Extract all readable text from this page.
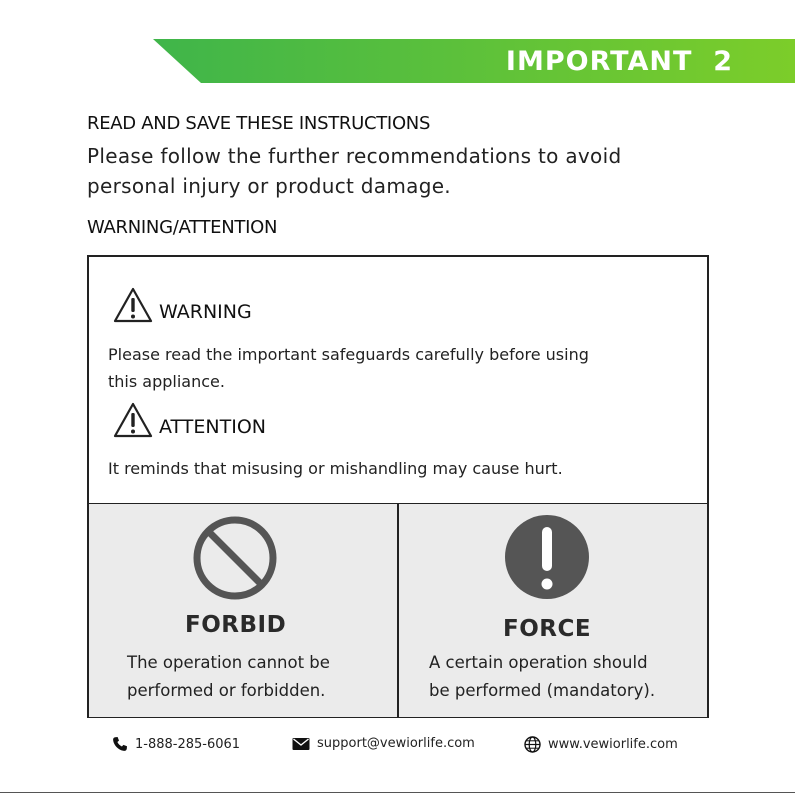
IMPORTANT 2
READ AND SAVE THESE INSTRUCTIONS
Please follow the further recommendations to avoid
personal injury or product damage.
WARNING/ATTENTION
WARNING
Please read the important safeguards carefully before using
this appliance.
ATTENTION
It reminds that misusing or mishandling may cause hurt.
FORBID
The operation cannot be
performed or forbidden.
FORCE
A certain operation should
be performed (mandatory).
1-888-285-6061	support@vewiorlife.com	www.vewiorlife.com
